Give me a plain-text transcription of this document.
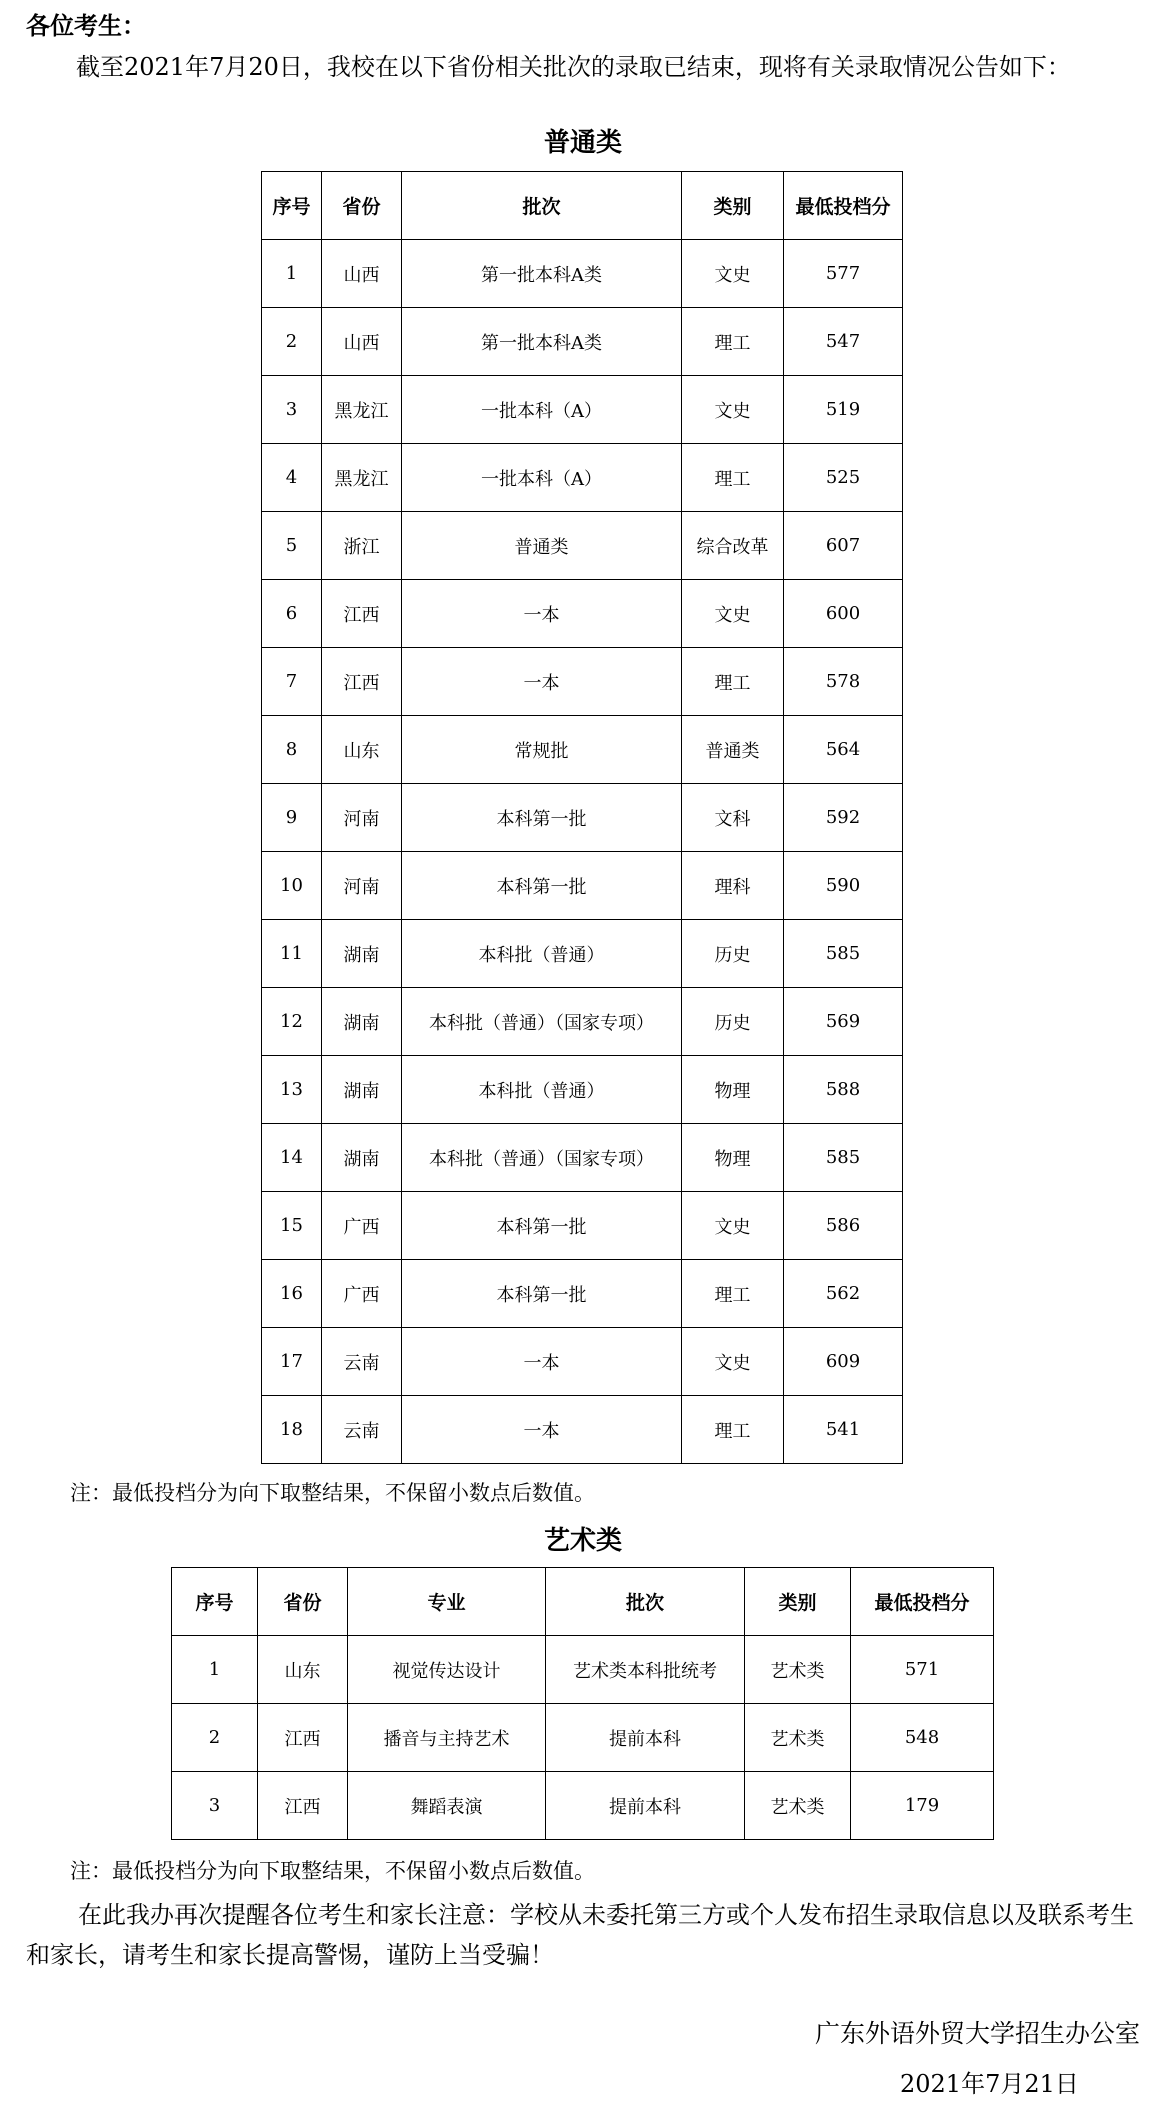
各位考生：

截至2021年7月20日，我校在以下省份相关批次的录取已结束，现将有关录取情况公告如下：

普通类
序号	省份	批次	类别	最低投档分
1	山西	第一批本科A类	文史	577
2	山西	第一批本科A类	理工	547
3	黑龙江	一批本科（A）	文史	519
4	黑龙江	一批本科（A）	理工	525
5	浙江	普通类	综合改革	607
6	江西	一本	文史	600
7	江西	一本	理工	578
8	山东	常规批	普通类	564
9	河南	本科第一批	文科	592
10	河南	本科第一批	理科	590
11	湖南	本科批（普通）	历史	585
12	湖南	本科批（普通）（国家专项）	历史	569
13	湖南	本科批（普通）	物理	588
14	湖南	本科批（普通）（国家专项）	物理	585
15	广西	本科第一批	文史	586
16	广西	本科第一批	理工	562
17	云南	一本	文史	609
18	云南	一本	理工	541
注：最低投档分为向下取整结果，不保留小数点后数值。
艺术类
序号	省份	专业	批次	类别	最低投档分
1	山东	视觉传达设计	艺术类本科批统考	艺术类	571
2	江西	播音与主持艺术	提前本科	艺术类	548
3	江西	舞蹈表演	提前本科	艺术类	179
注：最低投档分为向下取整结果，不保留小数点后数值。

在此我办再次提醒各位考生和家长注意：学校从未委托第三方或个人发布招生录取信息以及联系考生和家长，请考生和家长提高警惕，谨防上当受骗！

广东外语外贸大学招生办公室
2021年7月21日
